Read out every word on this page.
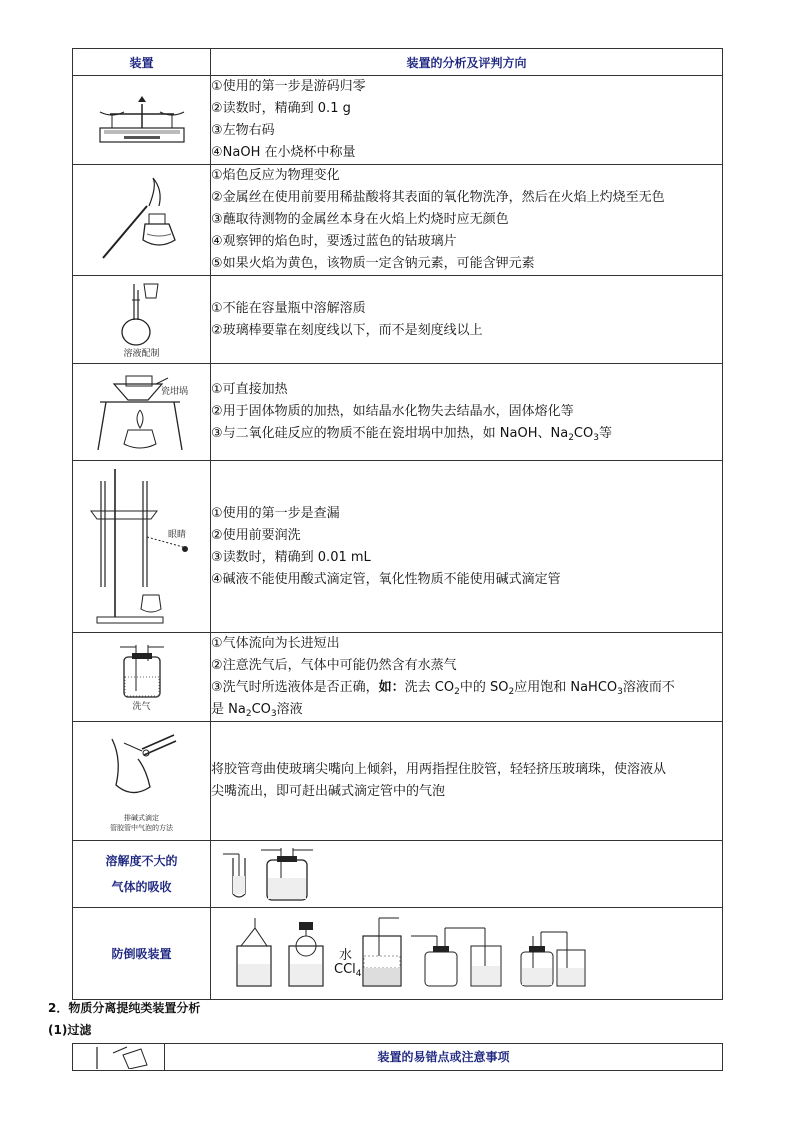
装置	装置的分析及评判方向

①使用的第一步是游码归零
②读数时，精确到 0.1 g
③左物右码
④NaOH 在小烧杯中称量

①焰色反应为物理变化
②金属丝在使用前要用稀盐酸将其表面的氧化物洗净，然后在火焰上灼烧至无色
③蘸取待测物的金属丝本身在火焰上灼烧时应无颜色
④观察钾的焰色时，要透过蓝色的钴玻璃片
⑤如果火焰为黄色，该物质一定含钠元素，可能含钾元素

溶液配制	①不能在容量瓶中溶解溶质
②玻璃棒要靠在刻度线以下，而不是刻度线以上

瓷坩埚	①可直接加热
②用于固体物质的加热，如结晶水化物失去结晶水，固体熔化等
③与二氧化硅反应的物质不能在瓷坩埚中加热，如 NaOH、$Na_2CO_3$等

眼睛	①使用的第一步是查漏
②使用前要润洗
③读数时，精确到 0.01 mL
④碱液不能使用酸式滴定管，氧化性物质不能使用碱式滴定管

洗气	①气体流向为长进短出
②注意洗气后，气体中可能仍然含有水蒸气
③洗气时所选液体是否正确，如：洗去 $CO_2$中的 $SO_2$应用饱和 NaHCO$_3$溶液而不
是 $Na_2CO_3$溶液

排碱式滴定
管胶管中气泡的方法	将胶管弯曲使玻璃尖嘴向上倾斜，用两指捏住胶管，轻轻挤压玻璃珠，使溶液从
尖嘴流出，即可赶出碱式滴定管中的气泡

溶解度不大的
气体的吸收

防倒吸装置	水
CCl$_4$
2．物质分离提纯类装置分析
(1)过滤
	装置的易错点或注意事项
